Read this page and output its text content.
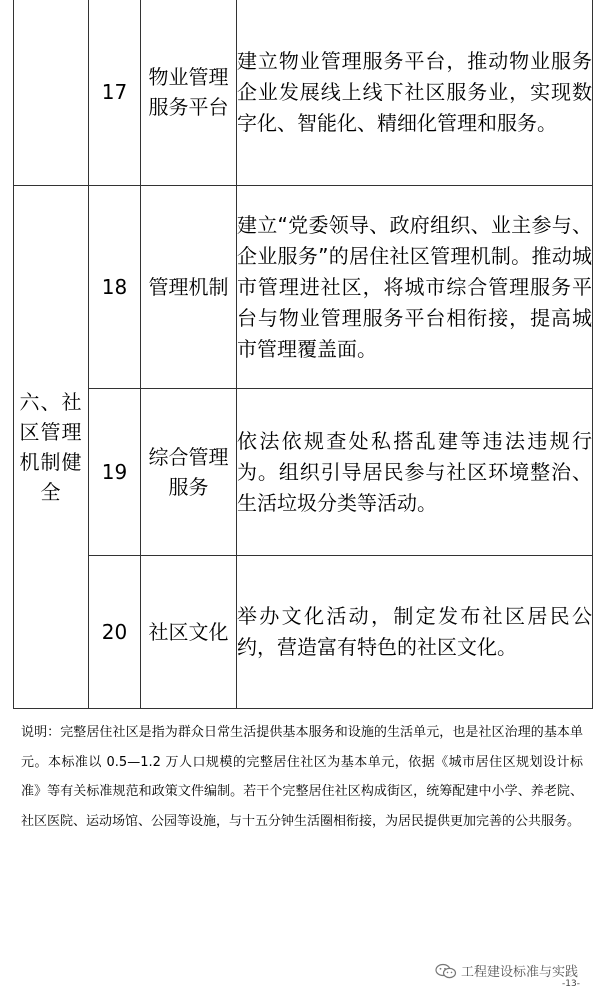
	17	物业管理服务平台	建立物业管理服务平台，推动物业服务企业发展线上线下社区服务业，实现数字化、智能化、精细化管理和服务。
六、社区管理机制健全	18	管理机制	建立“党委领导、政府组织、业主参与、企业服务”的居住社区管理机制。推动城市管理进社区，将城市综合管理服务平台与物业管理服务平台相衔接，提高城市管理覆盖面。
	19	综合管理服务	依法依规查处私搭乱建等违法违规行为。组织引导居民参与社区环境整治、生活垃圾分类等活动。
	20	社区文化	举办文化活动，制定发布社区居民公约，营造富有特色的社区文化。
说明：完整居住社区是指为群众日常生活提供基本服务和设施的生活单元，也是社区治理的基本单元。本标准以 0.5—1.2 万人口规模的完整居住社区为基本单元，依据《城市居住区规划设计标准》等有关标准规范和政策文件编制。若干个完整居住社区构成街区，统筹配建中小学、养老院、社区医院、运动场馆、公园等设施，与十五分钟生活圈相衔接，为居民提供更加完善的公共服务。
工程建设标准与实践
-13-
